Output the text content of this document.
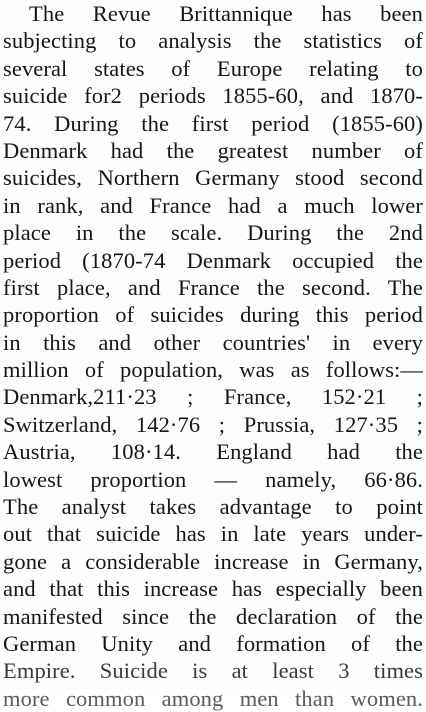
The Revue Brittannique has been
subjecting to analysis the statistics of
several states of Europe relating to
suicide for2 periods 1855-60, and 1870-
74. During the first period (1855-60)
Denmark had the greatest number of
suicides, Northern Germany stood second
in rank, and France had a much lower
place in the scale. During the 2nd
period (1870-74 Denmark occupied the
first place, and France the second. The
proportion of suicides during this period
in this and other countries' in every
million of population, was as follows:—
Denmark,211·23 ; France, 152·21 ;
Switzerland, 142·76 ; Prussia, 127·35 ;
Austria, 108·14. England had the
lowest proportion — namely, 66·86.
The analyst takes advantage to point
out that suicide has in late years under-
gone a considerable increase in Germany,
and that this increase has especially been
manifested since the declaration of the
German Unity and formation of the
Empire. Suicide is at least 3 times
more common among men than women.
